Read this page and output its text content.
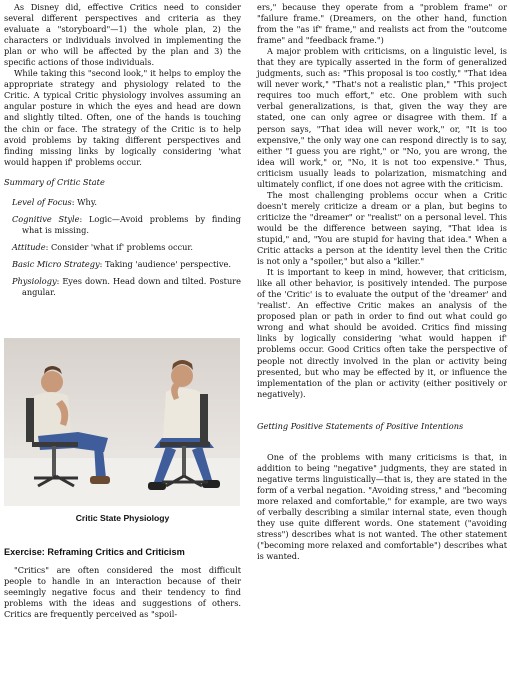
As Disney did, effective Critics need to consider several different perspectives and criteria as they evaluate a "storyboard"—1) the whole plan, 2) the characters or individuals involved in implementing the plan or who will be affected by the plan and 3) the specific actions of those individuals.

While taking this "second look," it helps to employ the appropriate strategy and physiology related to the Critic. A typical Critic physiology involves assuming an angular posture in which the eyes and head are down and slightly tilted. Often, one of the hands is touching the chin or face. The strategy of the Critic is to help avoid problems by taking different perspectives and finding missing links by logically considering 'what would happen if' problems occur.

Summary of Critic State
Level of Focus: Why.
Cognitive Style: Logic—Avoid problems by finding what is missing.
Attitude: Consider 'what if' problems occur.
Basic Micro Strategy: Taking 'audience' perspective.
Physiology: Eyes down. Head down and tilted. Posture angular.
Critic State Physiology
Exercise: Reframing Critics and Criticism

"Critics" are often considered the most difficult people to handle in an interaction because of their seemingly negative focus and their tendency to find problems with the ideas and suggestions of others. Critics are frequently perceived as "spoil-

ers," because they operate from a "problem frame" or "failure frame." (Dreamers, on the other hand, function from the "as if" frame," and realists act from the "outcome frame" and "feedback frame.")

A major problem with criticisms, on a linguistic level, is that they are typically asserted in the form of generalized judgments, such as: "This proposal is too costly," "That idea will never work," "That's not a realistic plan," "This project requires too much effort," etc. One problem with such verbal generalizations, is that, given the way they are stated, one can only agree or disagree with them. If a person says, "That idea will never work," or, "It is too expensive," the only way one can respond directly is to say, either "I guess you are right," or "No, you are wrong, the idea will work," or, "No, it is not too expensive." Thus, criticism usually leads to polarization, mismatching and ultimately conflict, if one does not agree with the criticism.

The most challenging problems occur when a Critic doesn't merely criticize a dream or a plan, but begins to criticize the "dreamer" or "realist" on a personal level. This would be the difference between saying, "That idea is stupid," and, "You are stupid for having that idea." When a Critic attacks a person at the identity level then the Critic is not only a "spoiler," but also a "killer."

It is important to keep in mind, however, that criticism, like all other behavior, is positively intended. The purpose of the 'Critic' is to evaluate the output of the 'dreamer' and 'realist'. An effective Critic makes an analysis of the proposed plan or path in order to find out what could go wrong and what should be avoided. Critics find missing links by logically considering 'what would happen if' problems occur. Good Critics often take the perspective of people not directly involved in the plan or activity being presented, but who may be effected by it, or influence the implementation of the plan or activity (either positively or negatively).

Getting Positive Statements of Positive Intentions

One of the problems with many criticisms is that, in addition to being "negative" judgments, they are stated in negative terms linguistically—that is, they are stated in the form of a verbal negation. "Avoiding stress," and "becoming more relaxed and comfortable," for example, are two ways of verbally describing a similar internal state, even though they use quite different words. One statement ("avoiding stress") describes what is not wanted. The other statement ("becoming more relaxed and comfortable") describes what is wanted.
